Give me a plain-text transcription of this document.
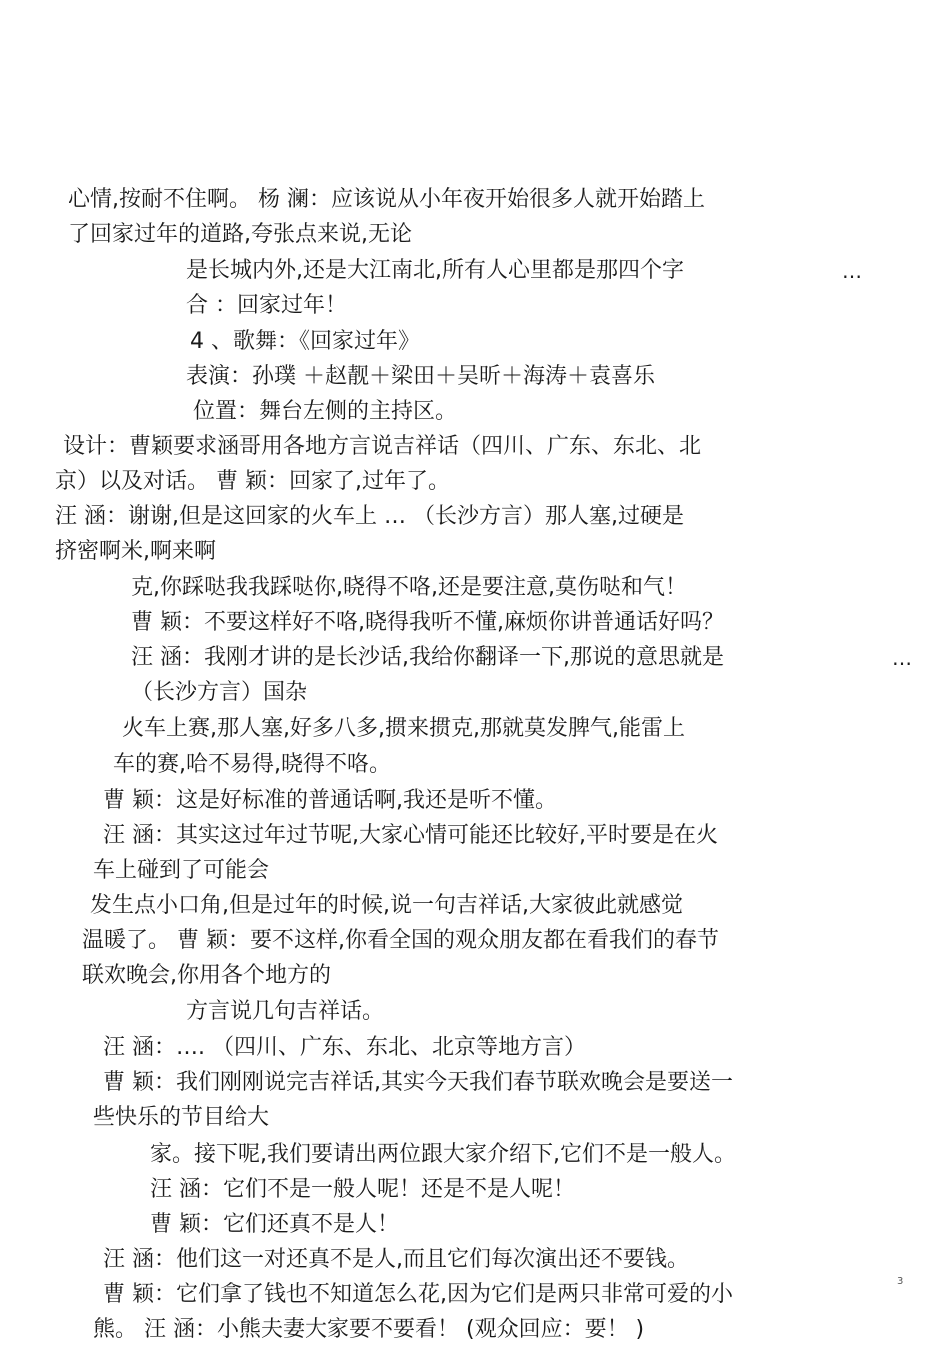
心情,按耐不住啊。 杨 澜：应该说从小年夜开始很多人就开始踏上
了回家过年的道路,夸张点来说,无论
是长城内外,还是大江南北,所有人心里都是那四个字	…
合 ：回家过年！
4 、歌舞：《回家过年》
表演：孙璞 ＋赵靓＋梁田＋吴昕＋海涛＋袁喜乐
位置：舞台左侧的主持区。
设计：曹颖要求涵哥用各地方言说吉祥话（四川、广东、东北、北
京）以及对话。 曹 颖：回家了,过年了。
汪 涵：谢谢,但是这回家的火车上 … （长沙方言）那人塞,过硬是
挤密啊米,啊来啊
克,你踩哒我我踩哒你,晓得不咯,还是要注意,莫伤哒和气！
曹 颖：不要这样好不咯,晓得我听不懂,麻烦你讲普通话好吗？
汪 涵：我刚才讲的是长沙话,我给你翻译一下,那说的意思就是	…
（长沙方言）国杂
火车上赛,那人塞,好多八多,掼来掼克,那就莫发脾气,能雷上
车的赛,哈不易得,晓得不咯。
曹 颖：这是好标准的普通话啊,我还是听不懂。
汪 涵：其实这过年过节呢,大家心情可能还比较好,平时要是在火
车上碰到了可能会
发生点小口角,但是过年的时候,说一句吉祥话,大家彼此就感觉
温暖了。 曹 颖：要不这样,你看全国的观众朋友都在看我们的春节
联欢晚会,你用各个地方的
方言说几句吉祥话。
汪 涵：…. （四川、广东、东北、北京等地方言）
曹 颖：我们刚刚说完吉祥话,其实今天我们春节联欢晚会是要送一
些快乐的节目给大
家。接下呢,我们要请出两位跟大家介绍下,它们不是一般人。
汪 涵：它们不是一般人呢！还是不是人呢！
曹 颖：它们还真不是人！
汪 涵：他们这一对还真不是人,而且它们每次演出还不要钱。
曹 颖：它们拿了钱也不知道怎么花,因为它们是两只非常可爱的小
熊。 汪 涵：小熊夫妻大家要不要看！ (观众回应：要！ )
3
